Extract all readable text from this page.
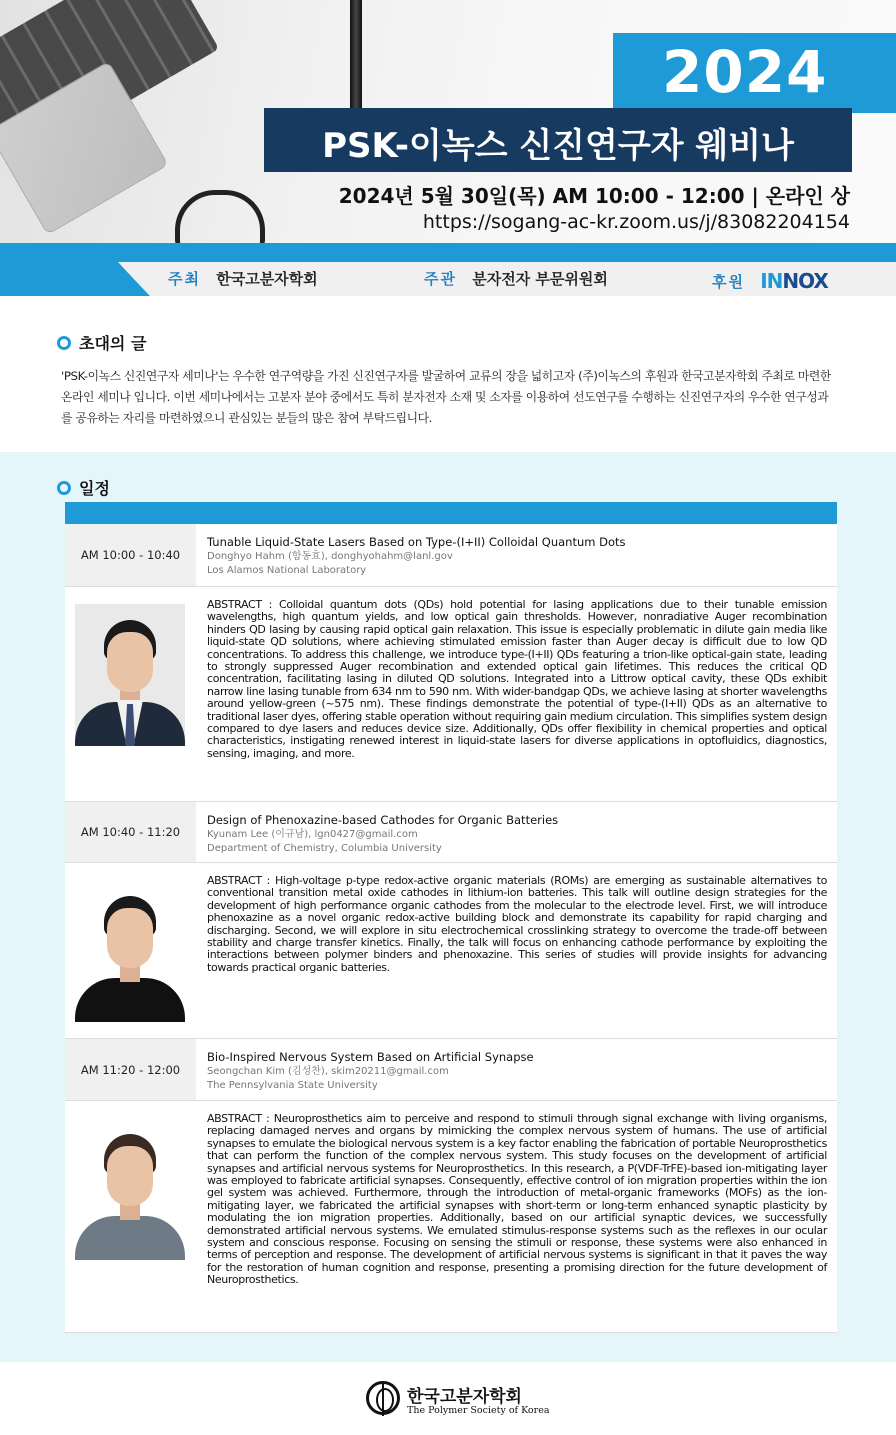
2024
PSK-이녹스 신진연구자 웨비나
2024년 5월 30일(목) AM 10:00 - 12:00 | 온라인 상
https://sogang-ac-kr.zoom.us/j/83082204154
주최 한국고분자학회	주관 분자전자 부문위원회	후원 INNOX
초대의 글

'PSK-이녹스 신진연구자 세미나'는 우수한 연구역량을 가진 신진연구자를 발굴하여 교류의 장을 넓히고자 (주)이녹스의 후원과 한국고분자학회 주최로 마련한 온라인 세미나 입니다. 이번 세미나에서는 고분자 분야 중에서도 특히 분자전자 소재 및 소자를 이용하여 선도연구를 수행하는 신진연구자의 우수한 연구성과를 공유하는 자리를 마련하였으니 관심있는 분들의 많은 참여 부탁드립니다.

일정
AM 10:00 - 10:40
Tunable Liquid-State Lasers Based on Type-(I+II) Colloidal Quantum Dots
Donghyo Hahm (함동효), donghyohahm@lanl.gov
Los Alamos National Laboratory
ABSTRACT : Colloidal quantum dots (QDs) hold potential for lasing applications due to their tunable emission wavelengths, high quantum yields, and low optical gain thresholds. However, nonradiative Auger recombination hinders QD lasing by causing rapid optical gain relaxation. This issue is especially problematic in dilute gain media like liquid-state QD solutions, where achieving stimulated emission faster than Auger decay is difficult due to low QD concentrations. To address this challenge, we introduce type-(I+II) QDs featuring a trion-like optical-gain state, leading to strongly suppressed Auger recombination and extended optical gain lifetimes. This reduces the critical QD concentration, facilitating lasing in diluted QD solutions. Integrated into a Littrow optical cavity, these QDs exhibit narrow line lasing tunable from 634 nm to 590 nm. With wider-bandgap QDs, we achieve lasing at shorter wavelengths around yellow-green (~575 nm). These findings demonstrate the potential of type-(I+II) QDs as an alternative to traditional laser dyes, offering stable operation without requiring gain medium circulation. This simplifies system design compared to dye lasers and reduces device size. Additionally, QDs offer flexibility in chemical properties and optical characteristics, instigating renewed interest in liquid-state lasers for diverse applications in optofluidics, diagnostics, sensing, imaging, and more.
AM 10:40 - 11:20
Design of Phenoxazine-based Cathodes for Organic Batteries
Kyunam Lee (이규남), lgn0427@gmail.com
Department of Chemistry, Columbia University
ABSTRACT : High-voltage p-type redox-active organic materials (ROMs) are emerging as sustainable alternatives to conventional transition metal oxide cathodes in lithium-ion batteries. This talk will outline design strategies for the development of high performance organic cathodes from the molecular to the electrode level. First, we will introduce phenoxazine as a novel organic redox-active building block and demonstrate its capability for rapid charging and discharging. Second, we will explore in situ electrochemical crosslinking strategy to overcome the trade-off between stability and charge transfer kinetics. Finally, the talk will focus on enhancing cathode performance by exploiting the interactions between polymer binders and phenoxazine. This series of studies will provide insights for advancing towards practical organic batteries.
AM 11:20 - 12:00
Bio-Inspired Nervous System Based on Artificial Synapse
Seongchan Kim (김성찬), skim20211@gmail.com
The Pennsylvania State University
ABSTRACT : Neuroprosthetics aim to perceive and respond to stimuli through signal exchange with living organisms, replacing damaged nerves and organs by mimicking the complex nervous system of humans. The use of artificial synapses to emulate the biological nervous system is a key factor enabling the fabrication of portable Neuroprosthetics that can perform the function of the complex nervous system. This study focuses on the development of artificial synapses and artificial nervous systems for Neuroprosthetics. In this research, a P(VDF-TrFE)-based ion-mitigating layer was employed to fabricate artificial synapses. Consequently, effective control of ion migration properties within the ion gel system was achieved. Furthermore, through the introduction of metal-organic frameworks (MOFs) as the ion-mitigating layer, we fabricated the artificial synapses with short-term or long-term enhanced synaptic plasticity by modulating the ion migration properties. Additionally, based on our artificial synaptic devices, we successfully demonstrated artificial nervous systems. We emulated stimulus-response systems such as the reflexes in our ocular system and conscious response. Focusing on sensing the stimuli or response, these systems were also enhanced in terms of perception and response. The development of artificial nervous systems is significant in that it paves the way for the restoration of human cognition and response, presenting a promising direction for the future development of Neuroprosthetics.
한국고분자학회
The Polymer Society of Korea
